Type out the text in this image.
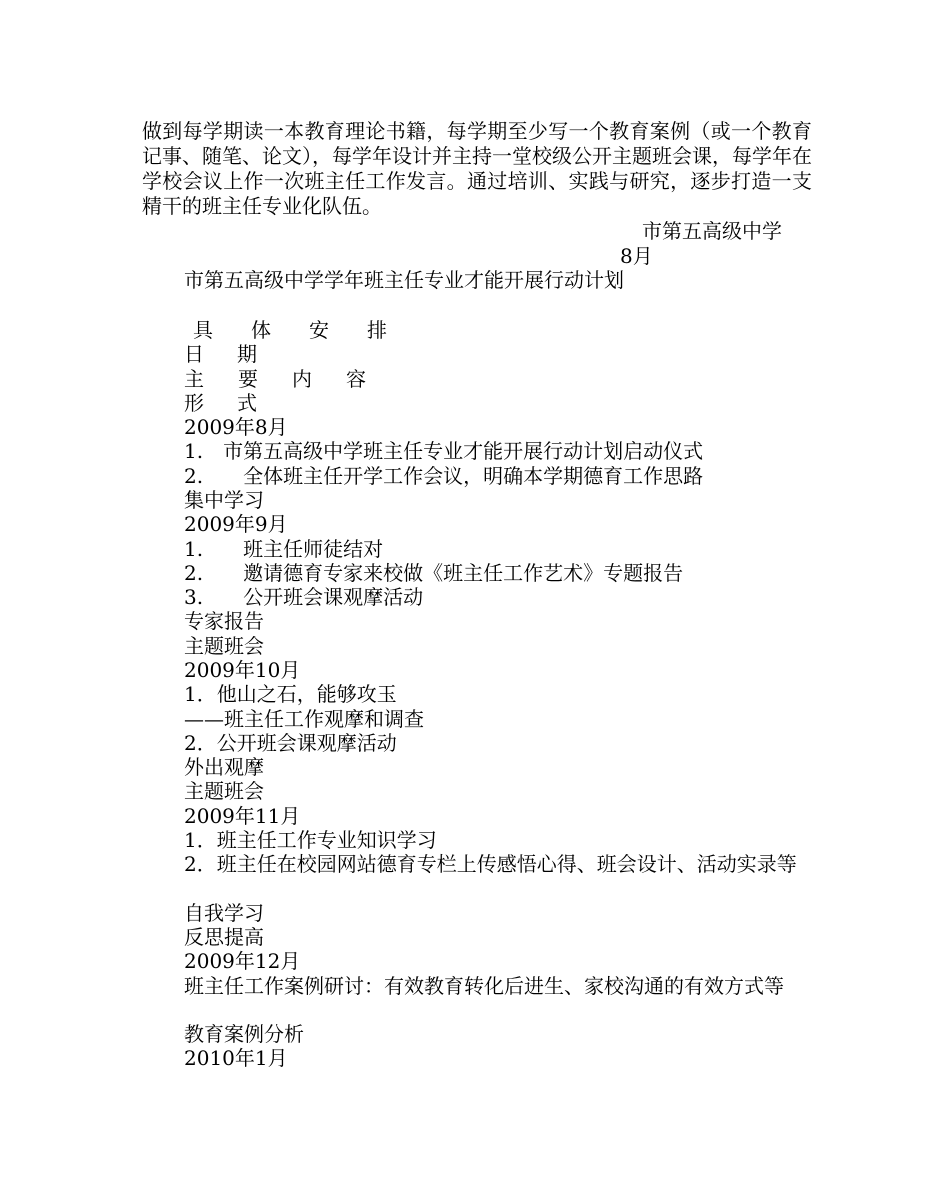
做到每学期读一本教育理论书籍，每学期至少写一个教育案例（或一个教育记事、随笔、论文），每学年设计并主持一堂校级公开主题班会课，每学年在学校会议上作一次班主任工作发言。通过培训、实践与研究，逐步打造一支精干的班主任专业化队伍。

市第五高级中学
8月
市第五高级中学学年班主任专业才能开展行动计划
具 体 安 排
日 期
主 要 内 容
形 式
2009年8月
1.　市第五高级中学班主任专业才能开展行动计划启动仪式
2.　　全体班主任开学工作会议，明确本学期德育工作思路
集中学习
2009年9月
1.　　班主任师徒结对
2.　　邀请德育专家来校做《班主任工作艺术》专题报告
3.　　公开班会课观摩活动
专家报告
主题班会
2009年10月
1．他山之石，能够攻玉
——班主任工作观摩和调查
2．公开班会课观摩活动
外出观摩
主题班会
2009年11月
1．班主任工作专业知识学习

2．班主任在校园网站德育专栏上传感悟心得、班会设计、活动实录等

自我学习
反思提高
2009年12月

班主任工作案例研讨：有效教育转化后进生、家校沟通的有效方式等

教育案例分析
2010年1月
